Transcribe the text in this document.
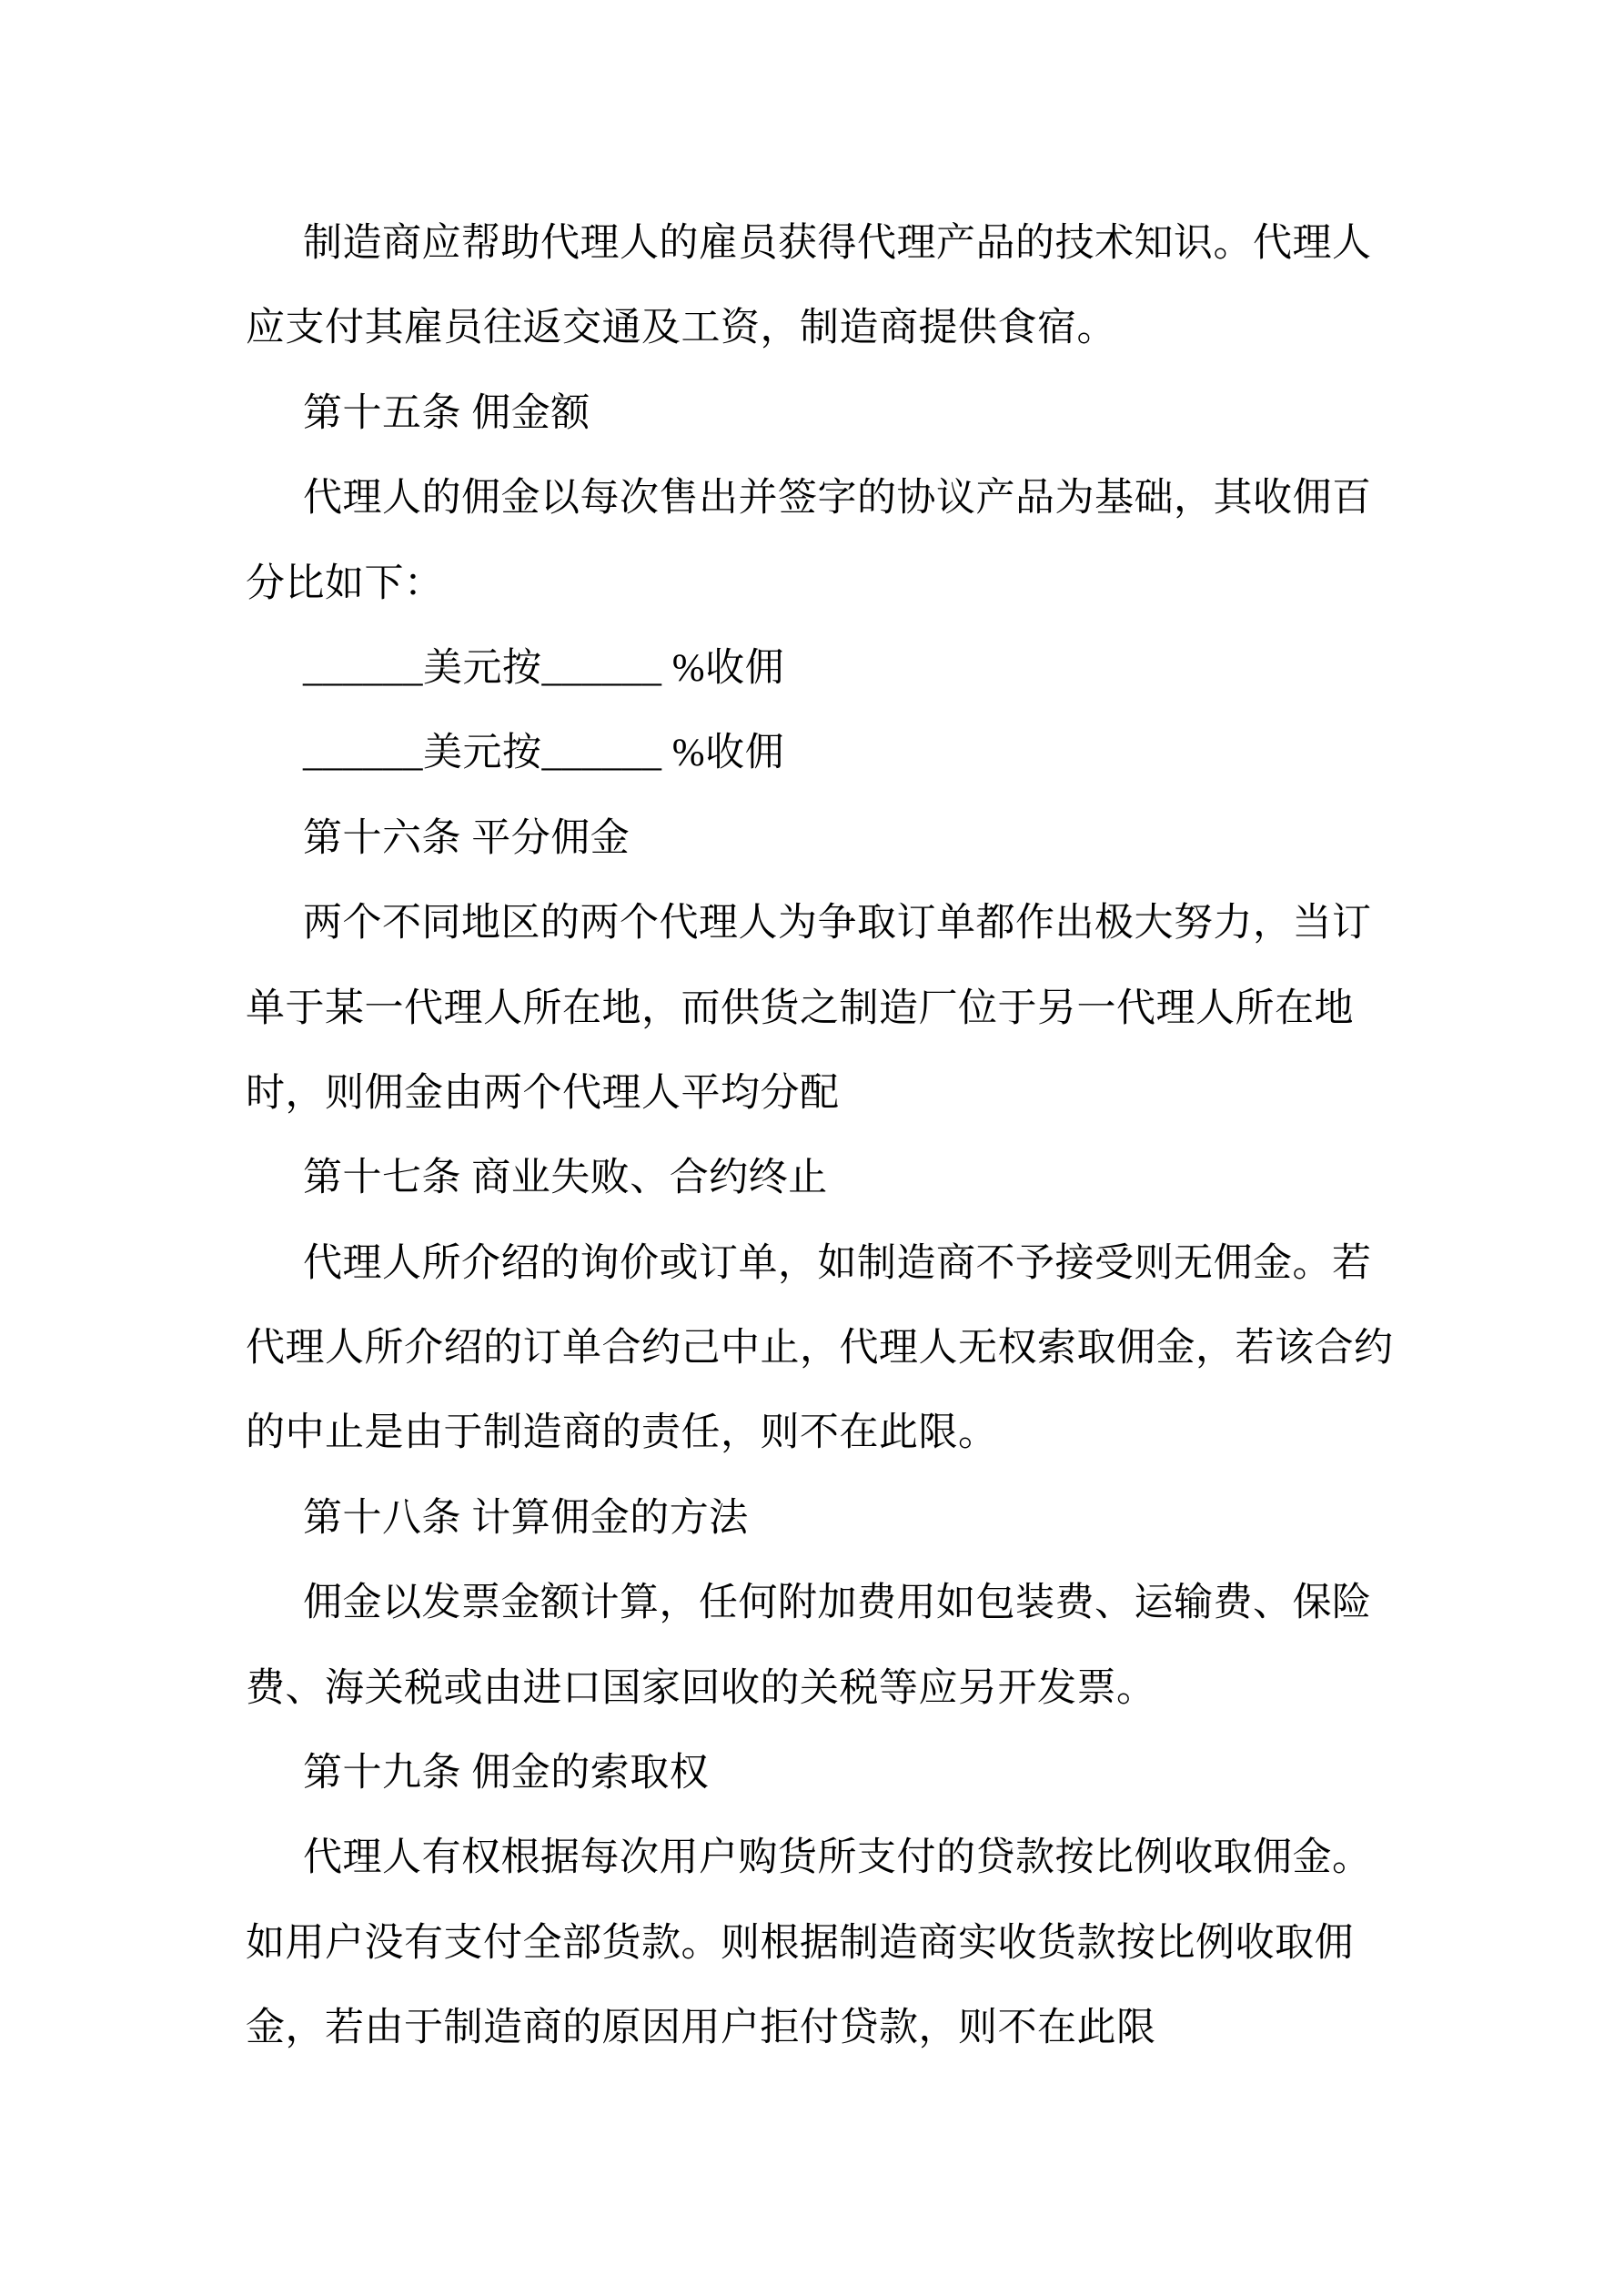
制造商应帮助代理人的雇员获得代理产品的技术知识。代理人
应支付其雇员往返交通及工资，制造商提供食宿。
第十五条 佣金额
代理人的佣金以每次售出并签字的协议产品为基础，其收佣百
分比如下：
______美元按______ %收佣
______美元按______ %收佣
第十六条 平分佣金
两个不同地区的两个代理人为争取订单都作出极大努力，当订
单于某一代理人所在地，而供货之制造厂位于另一代理人所在地
时，则佣金由两个代理人平均分配
第十七条 商业失败、合约终止
代理人所介绍的询价或订单，如制造商不予接受则无佣金。若
代理人所介绍的订单合约己中止，代理人无权索取佣金，若该合约
的中止是由于制造商的责任，则不在此限。
第十八条 计算佣金的方法
佣金以发票金额计算，任何附加费用如包装费、运输费、保险
费、海关税或由进口国家回收的关税等应另开发票。
第十九条 佣金的索取权
代理人有权根据每次用户购货所支付的贷款按比例收取佣金。
如用户没有支付全部货款。则根据制造商实收货款按比例收取佣
金，若由于制造商的原因用户拒付贷款，则不在此限
